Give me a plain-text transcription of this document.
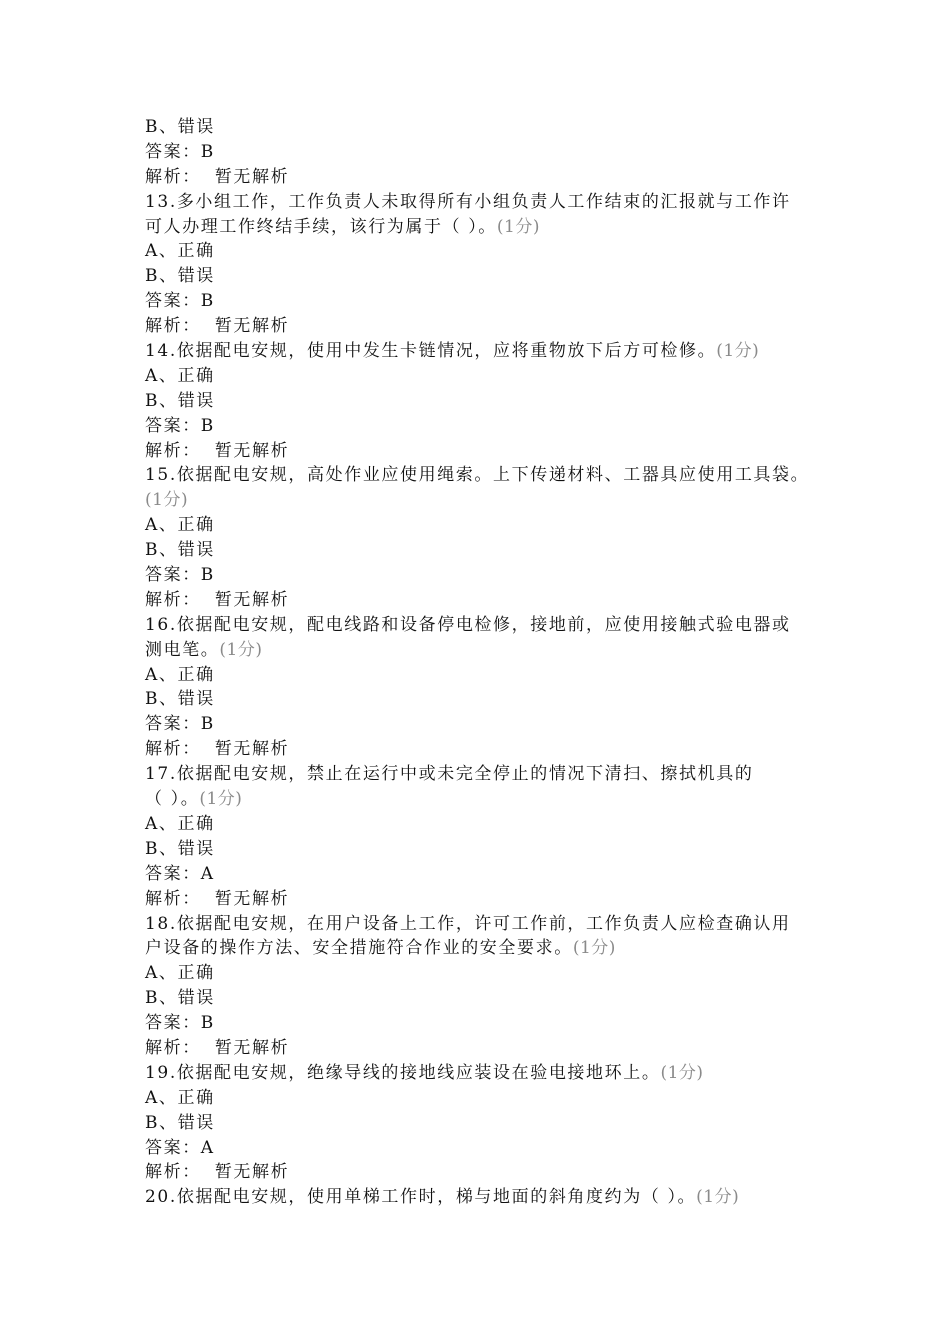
B、错误
答案：B
解析： 暂无解析
13.多小组工作，工作负责人未取得所有小组负责人工作结束的汇报就与工作许
可人办理工作终结手续，该行为属于（ ）。(1分)
A、正确
B、错误
答案：B
解析： 暂无解析
14.依据配电安规，使用中发生卡链情况，应将重物放下后方可检修。(1分)
A、正确
B、错误
答案：B
解析： 暂无解析
15.依据配电安规，高处作业应使用绳索。上下传递材料、工器具应使用工具袋。
(1分)
A、正确
B、错误
答案：B
解析： 暂无解析
16.依据配电安规，配电线路和设备停电检修，接地前，应使用接触式验电器或
测电笔。(1分)
A、正确
B、错误
答案：B
解析： 暂无解析
17.依据配电安规，禁止在运行中或未完全停止的情况下清扫、擦拭机具的
（ ）。(1分)
A、正确
B、错误
答案：A
解析： 暂无解析
18.依据配电安规，在用户设备上工作，许可工作前，工作负责人应检查确认用
户设备的操作方法、安全措施符合作业的安全要求。(1分)
A、正确
B、错误
答案：B
解析： 暂无解析
19.依据配电安规，绝缘导线的接地线应装设在验电接地环上。(1分)
A、正确
B、错误
答案：A
解析： 暂无解析
20.依据配电安规，使用单梯工作时，梯与地面的斜角度约为（ ）。(1分)
